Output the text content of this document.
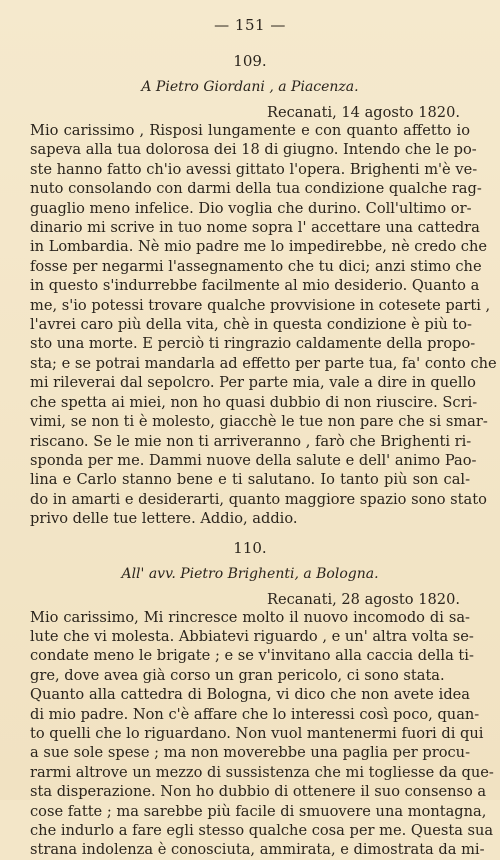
— 151 —
109.
A Pietro Giordani , a Piacenza.
Recanati, 14 agosto 1820.
Mio carissimo , Risposi lungamente e con quanto affetto io
sapeva alla tua dolorosa dei 18 di giugno. Intendo che le po-
ste hanno fatto ch'io avessi gittato l'opera. Brighenti m'è ve-
nuto consolando con darmi della tua condizione qualche rag-
guaglio meno infelice. Dio voglia che durino. Coll'ultimo or-
dinario mi scrive in tuo nome sopra l' accettare una cattedra
in Lombardia. Nè mio padre me lo impedirebbe, nè credo che
fosse per negarmi l'assegnamento che tu dici; anzi stimo che
in questo s'indurrebbe facilmente al mio desiderio. Quanto a
me, s'io potessi trovare qualche provvisione in cotesete parti ,
l'avrei caro più della vita, chè in questa condizione è più to-
sto una morte. E perciò ti ringrazio caldamente della propo-
sta; e se potrai mandarla ad effetto per parte tua, fa' conto che
mi rileverai dal sepolcro. Per parte mia, vale a dire in quello
che spetta ai miei, non ho quasi dubbio di non riuscire. Scri-
vimi, se non ti è molesto, giacchè le tue non pare che si smar-
riscano. Se le mie non ti arriveranno , farò che Brighenti ri-
sponda per me. Dammi nuove della salute e dell' animo Pao-
lina e Carlo stanno bene e ti salutano. Io tanto più son cal-
do in amarti e desiderarti, quanto maggiore spazio sono stato
privo delle tue lettere. Addio, addio.
110.
All' avv. Pietro Brighenti, a Bologna.
Recanati, 28 agosto 1820.
Mio carissimo, Mi rincresce molto il nuovo incomodo di sa-
lute che vi molesta. Abbiatevi riguardo , e un' altra volta se-
condate meno le brigate ; e se v'invitano alla caccia della ti-
gre, dove avea già corso un gran pericolo, ci sono stata.
Quanto alla cattedra di Bologna, vi dico che non avete idea
di mio padre. Non c'è affare che lo interessi così poco, quan-
to quelli che lo riguardano. Non vuol mantenermi fuori di qui
a sue sole spese ; ma non moverebbe una paglia per procu-
rarmi altrove un mezzo di sussistenza che mi togliesse da que-
sta disperazione. Non ho dubbio di ottenere il suo consenso a
cose fatte ; ma sarebbe più facile di smuovere una montagna,
che indurlo a fare egli stesso qualche cosa per me. Questa sua
strana indolenza è conosciuta, ammirata, e dimostrata da mi-
